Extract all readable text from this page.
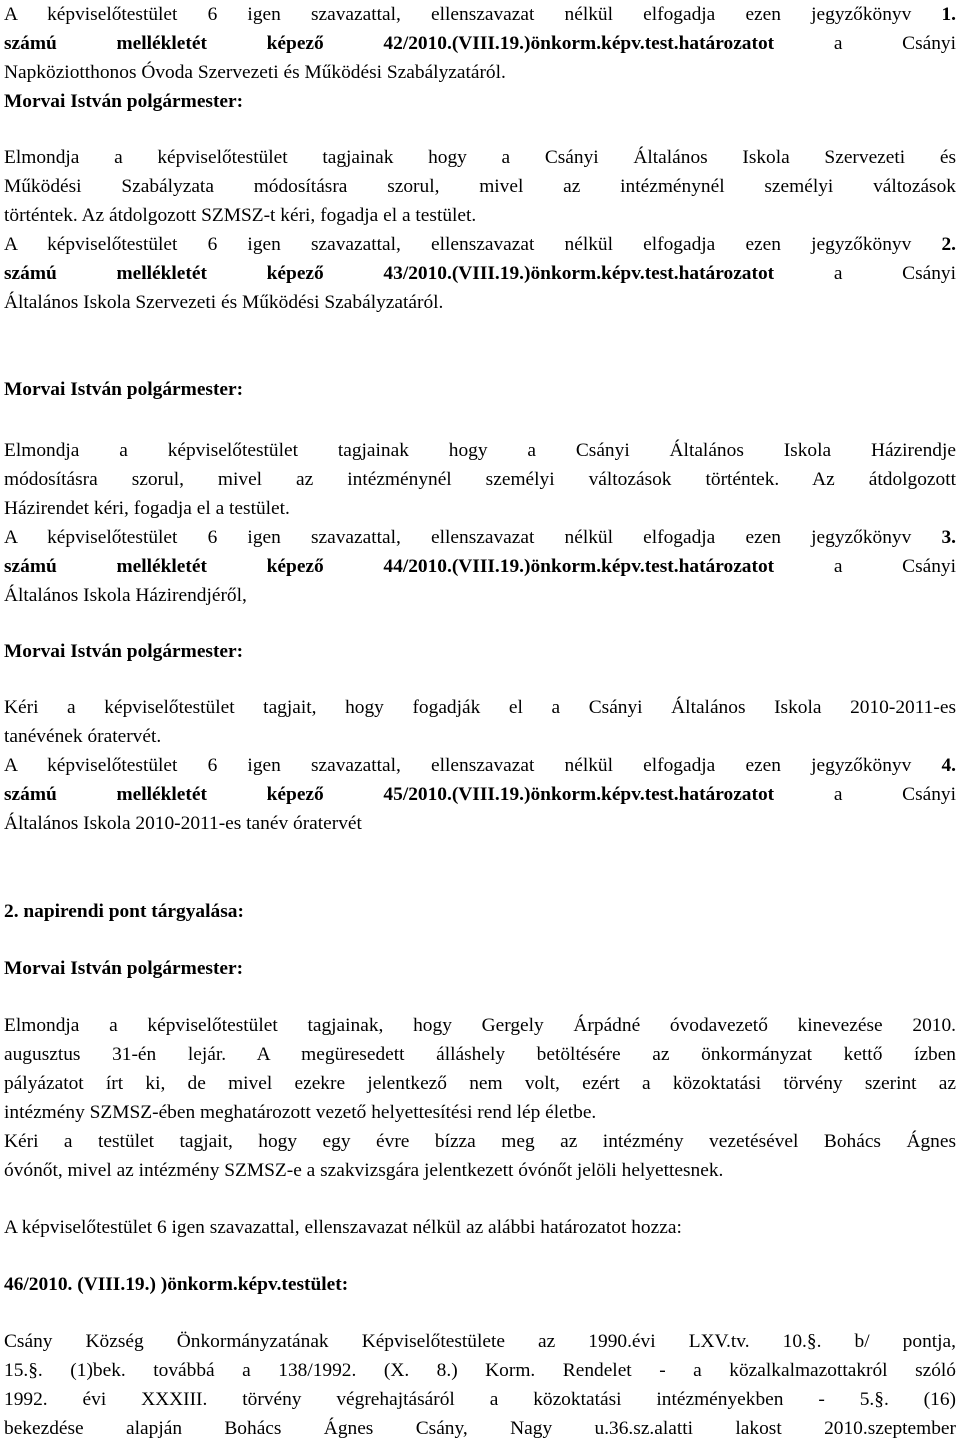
A képviselőtestület 6 igen szavazattal, ellenszavazat nélkül elfogadja ezen jegyzőkönyv 1.
számú mellékletét képező 42/2010.(VIII.19.)önkorm.képv.test.határozatot a Csányi
Napköziotthonos Óvoda Szervezeti és Működési Szabályzatáról.
Morvai István polgármester:
Elmondja a képviselőtestület tagjainak hogy a Csányi Általános Iskola Szervezeti és
Működési Szabályzata módosításra szorul, mivel az intézménynél személyi változások
történtek. Az átdolgozott SZMSZ-t kéri, fogadja el a testület.
A képviselőtestület 6 igen szavazattal, ellenszavazat nélkül elfogadja ezen jegyzőkönyv 2.
számú mellékletét képező 43/2010.(VIII.19.)önkorm.képv.test.határozatot a Csányi
Általános Iskola Szervezeti és Működési Szabályzatáról.
Morvai István polgármester:
Elmondja a képviselőtestület tagjainak hogy a Csányi Általános Iskola Házirendje
módosításra szorul, mivel az intézménynél személyi változások történtek. Az átdolgozott
Házirendet kéri, fogadja el a testület.
A képviselőtestület 6 igen szavazattal, ellenszavazat nélkül elfogadja ezen jegyzőkönyv 3.
számú mellékletét képező 44/2010.(VIII.19.)önkorm.képv.test.határozatot a Csányi
Általános Iskola Házirendjéről,
Morvai István polgármester:
Kéri a képviselőtestület tagjait, hogy fogadják el a Csányi Általános Iskola 2010-2011-es
tanévének óratervét.
A képviselőtestület 6 igen szavazattal, ellenszavazat nélkül elfogadja ezen jegyzőkönyv 4.
számú mellékletét képező 45/2010.(VIII.19.)önkorm.képv.test.határozatot a Csányi
Általános Iskola 2010-2011-es tanév óratervét
2. napirendi pont tárgyalása:
Morvai István polgármester:
Elmondja a képviselőtestület tagjainak, hogy Gergely Árpádné óvodavezető kinevezése 2010.
augusztus 31-én lejár. A megüresedett álláshely betöltésére az önkormányzat kettő ízben
pályázatot írt ki, de mivel ezekre jelentkező nem volt, ezért a közoktatási törvény szerint az
intézmény SZMSZ-ében meghatározott vezető helyettesítési rend lép életbe.
Kéri a testület tagjait, hogy egy évre bízza meg az intézmény vezetésével Bohács Ágnes
óvónőt, mivel az intézmény SZMSZ-e a szakvizsgára jelentkezett óvónőt jelöli helyettesnek.
A képviselőtestület 6 igen szavazattal, ellenszavazat nélkül az alábbi határozatot hozza:
46/2010. (VIII.19.) )önkorm.képv.testület:
Csány Község Önkormányzatának Képviselőtestülete az 1990.évi LXV.tv. 10.§. b/ pontja,
15.§. (1)bek. továbbá a 138/1992. (X. 8.) Korm. Rendelet - a közalkalmazottakról szóló
1992. évi XXXIII. törvény végrehajtásáról a közoktatási intézményekben - 5.§. (16)
bekezdése alapján Bohács Ágnes Csány, Nagy u.36.sz.alatti lakost 2010.szeptember
